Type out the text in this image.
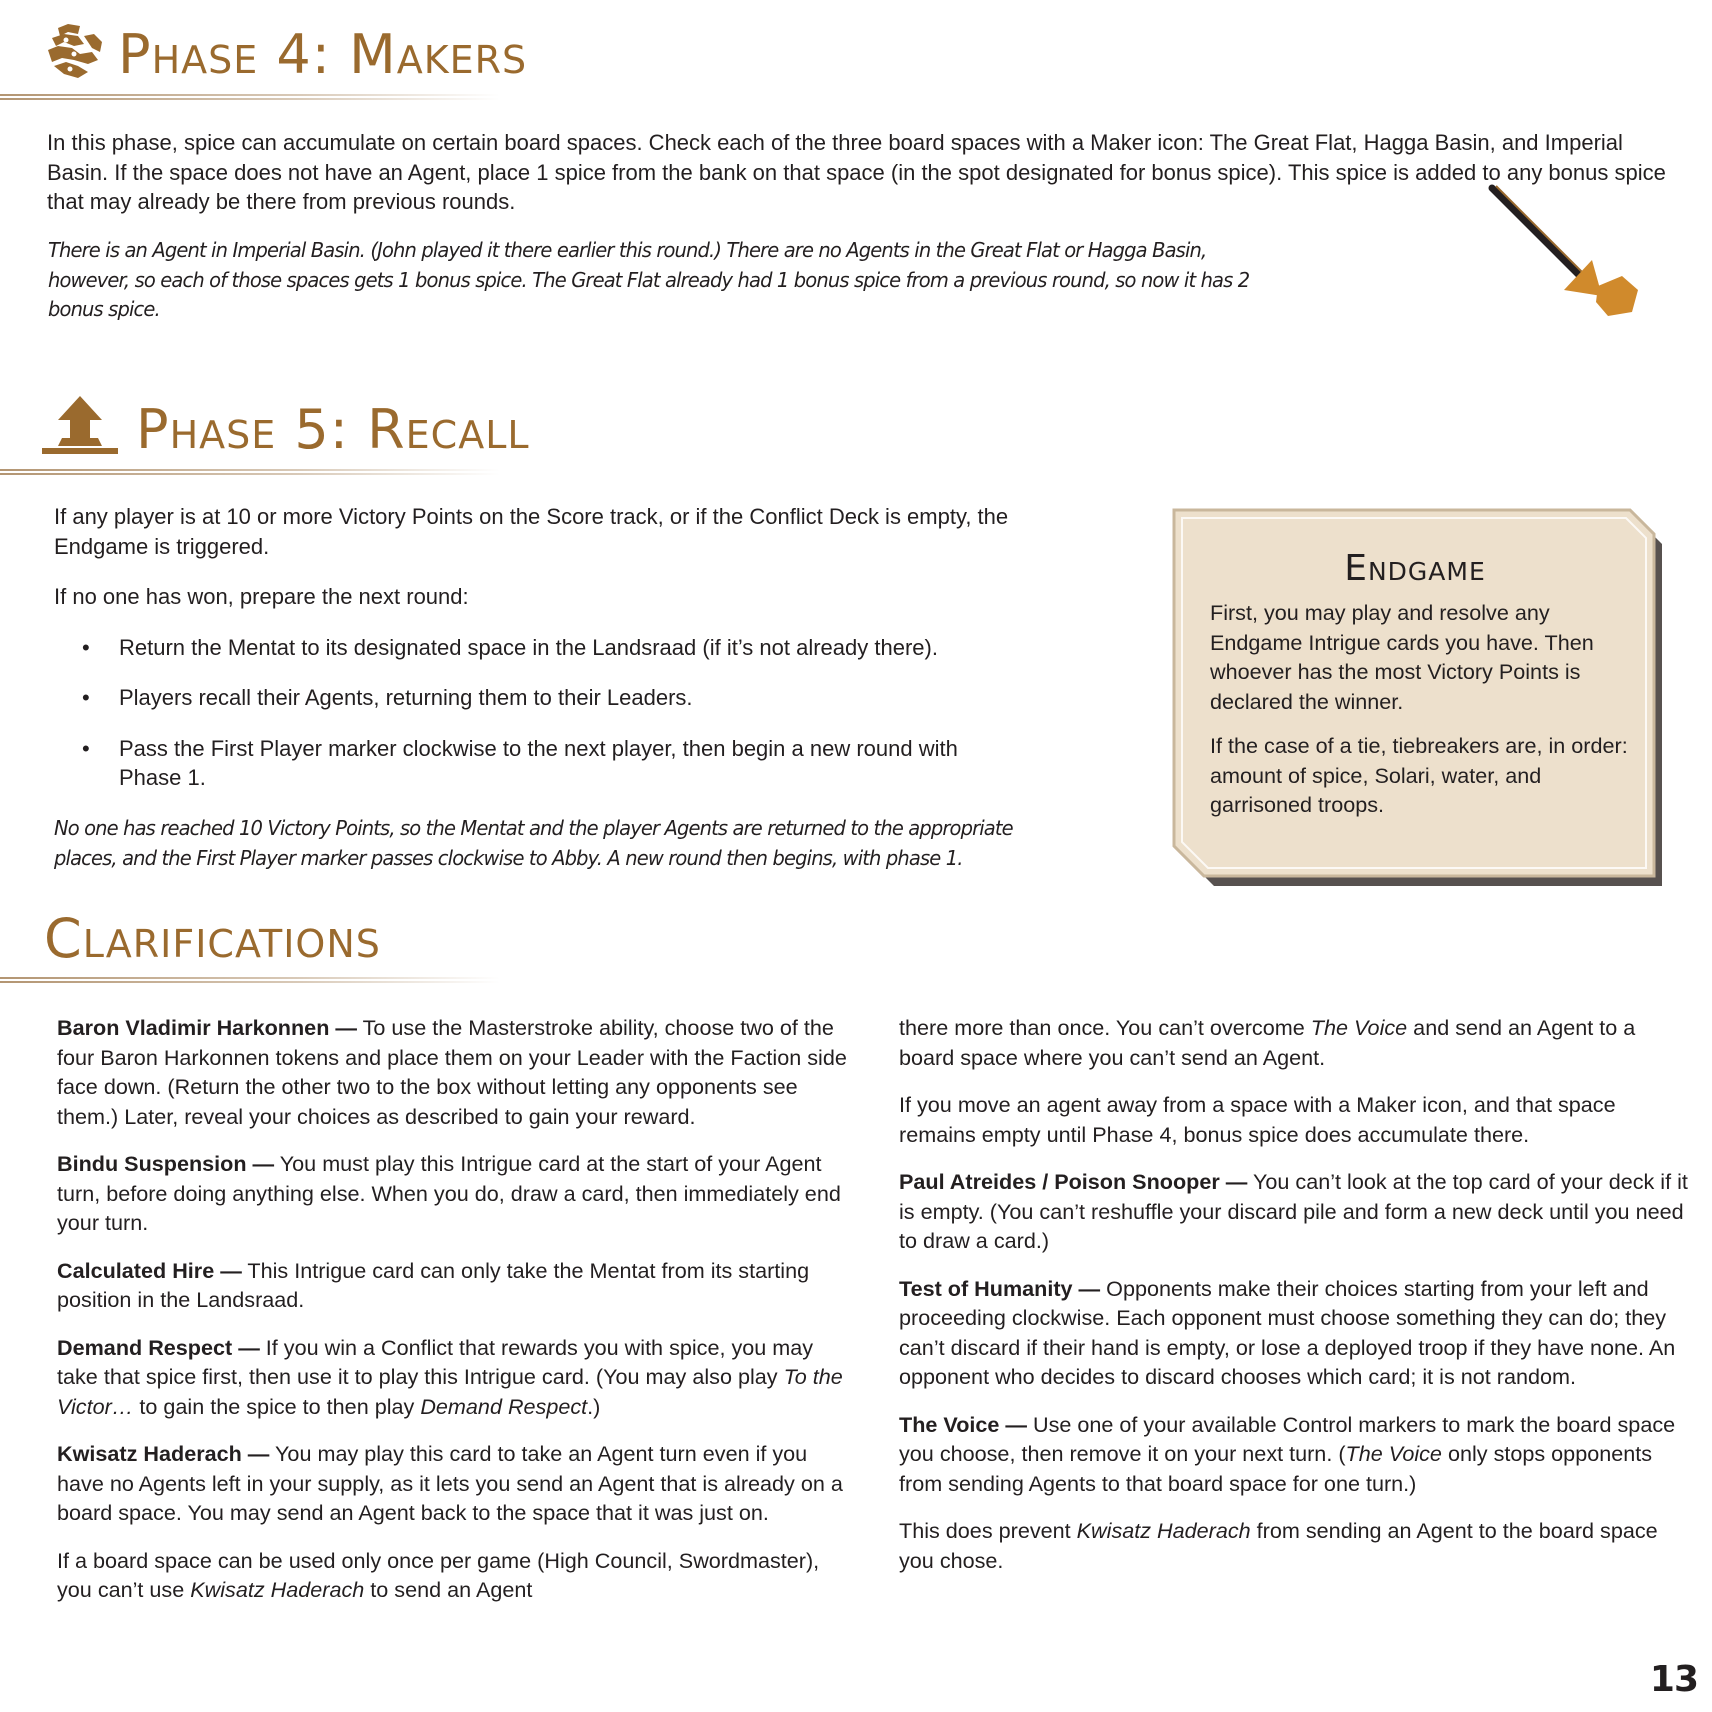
Phase 4: Makers

In this phase, spice can accumulate on certain board spaces. Check each of the three board spaces with a Maker icon: The Great Flat, Hagga Basin, and Imperial Basin. If the space does not have an Agent, place 1 spice from the bank on that space (in the spot designated for bonus spice). This spice is added to any bonus spice that may already be there from previous rounds.

There is an Agent in Imperial Basin. (John played it there earlier this round.) There are no Agents in the Great Flat or Hagga Basin, however, so each of those spaces gets 1 bonus spice. The Great Flat already had 1 bonus spice from a previous round, so now it has 2 bonus spice.

Phase 5: Recall

If any player is at 10 or more Victory Points on the Score track, or if the Conflict Deck is empty, the Endgame is triggered.

If no one has won, prepare the next round:

• Return the Mentat to its designated space in the Landsraad (if it’s not already there).
• Players recall their Agents, returning them to their Leaders.
• Pass the First Player marker clockwise to the next player, then begin a new round with Phase 1.

No one has reached 10 Victory Points, so the Mentat and the player Agents are returned to the appropriate places, and the First Player marker passes clockwise to Abby. A new round then begins, with phase 1.

Endgame

First, you may play and resolve any Endgame Intrigue cards you have. Then whoever has the most Victory Points is declared the winner.

If the case of a tie, tiebreakers are, in order: amount of spice, Solari, water, and garrisoned troops.

Clarifications

Baron Vladimir Harkonnen — To use the Masterstroke ability, choose two of the four Baron Harkonnen tokens and place them on your Leader with the Faction side face down. (Return the other two to the box without letting any opponents see them.) Later, reveal your choices as described to gain your reward.

Bindu Suspension — You must play this Intrigue card at the start of your Agent turn, before doing anything else. When you do, draw a card, then immediately end your turn.

Calculated Hire — This Intrigue card can only take the Mentat from its starting position in the Landsraad.

Demand Respect — If you win a Conflict that rewards you with spice, you may take that spice first, then use it to play this Intrigue card. (You may also play To the Victor… to gain the spice to then play Demand Respect.)

Kwisatz Haderach — You may play this card to take an Agent turn even if you have no Agents left in your supply, as it lets you send an Agent that is already on a board space. You may send an Agent back to the space that it was just on.

If a board space can be used only once per game (High Council, Swordmaster), you can’t use Kwisatz Haderach to send an Agent

there more than once. You can’t overcome The Voice and send an Agent to a board space where you can’t send an Agent.

If you move an agent away from a space with a Maker icon, and that space remains empty until Phase 4, bonus spice does accumulate there.

Paul Atreides / Poison Snooper — You can’t look at the top card of your deck if it is empty. (You can’t reshuffle your discard pile and form a new deck until you need to draw a card.)

Test of Humanity — Opponents make their choices starting from your left and proceeding clockwise. Each opponent must choose something they can do; they can’t discard if their hand is empty, or lose a deployed troop if they have none. An opponent who decides to discard chooses which card; it is not random.

The Voice — Use one of your available Control markers to mark the board space you choose, then remove it on your next turn. (The Voice only stops opponents from sending Agents to that board space for one turn.)

This does prevent Kwisatz Haderach from sending an Agent to the board space you chose.

13
